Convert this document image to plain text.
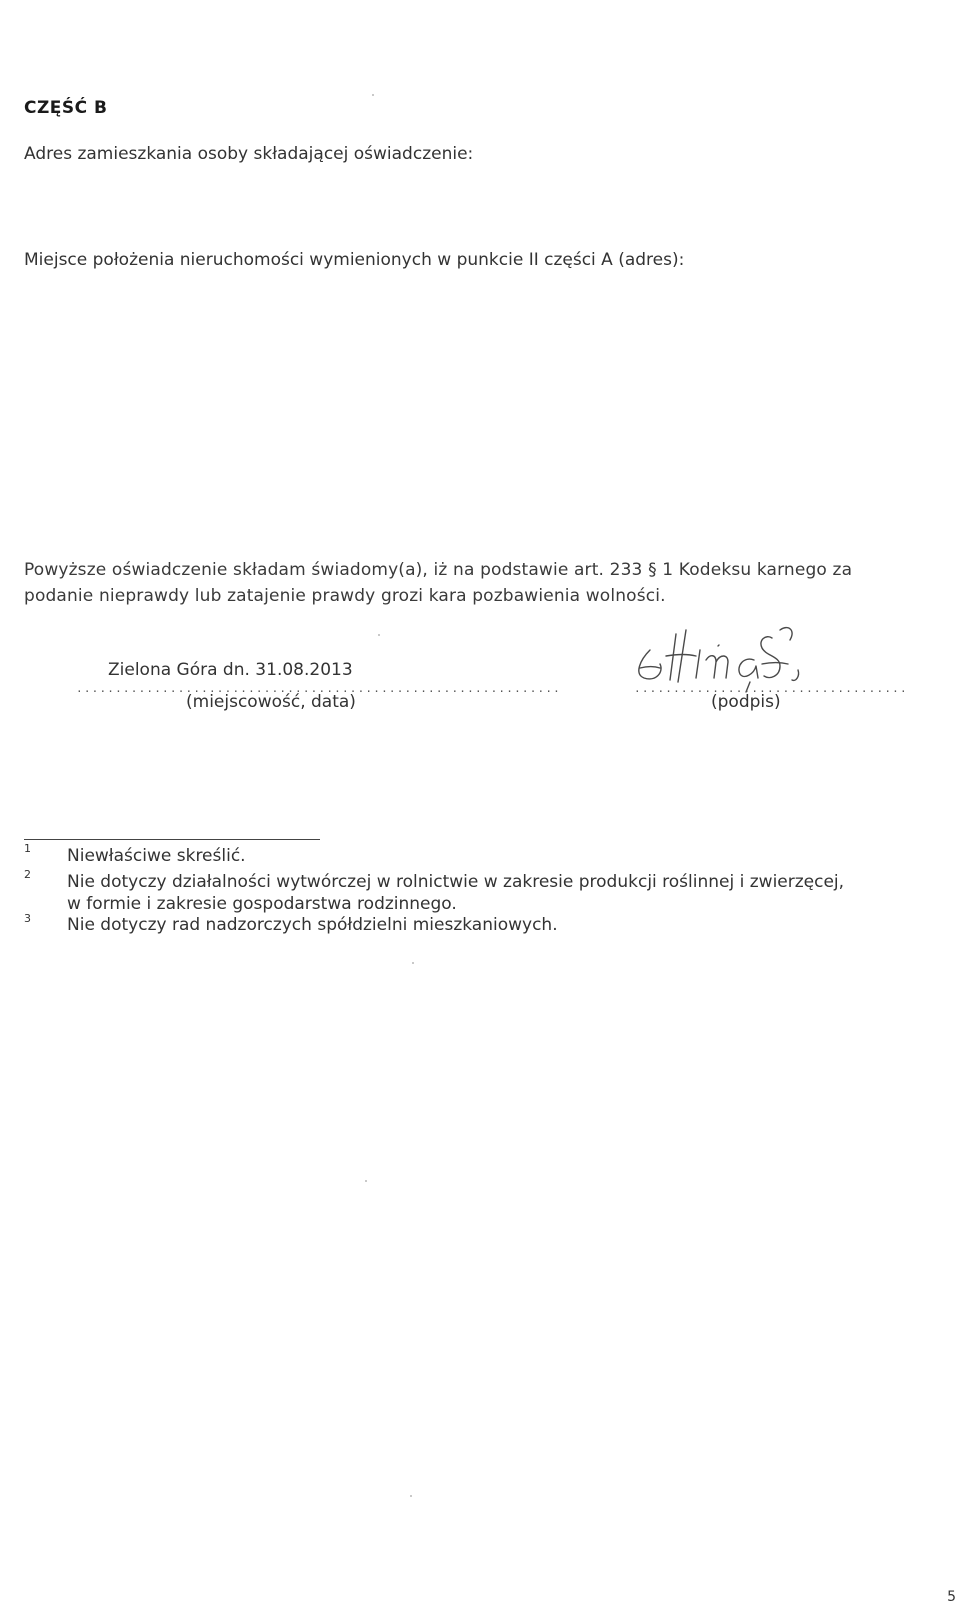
CZĘŚĆ B
Adres zamieszkania osoby składającej oświadczenie:
Miejsce położenia nieruchomości wymienionych w punkcie II części A (adres):
Powyższe oświadczenie składam świadomy(a), iż na podstawie art. 233 § 1 Kodeksu karnego za
podanie nieprawdy lub zatajenie prawdy grozi kara pozbawienia wolności.
Zielona Góra dn. 31.08.2013
..............................................................
(miejscowość, data)
...................................
(podpis)
1 Niewłaściwe skreślić.
2 Nie dotyczy działalności wytwórczej w rolnictwie w zakresie produkcji roślinnej i zwierzęcej,
w formie i zakresie gospodarstwa rodzinnego.
3 Nie dotyczy rad nadzorczych spółdzielni mieszkaniowych.
5
